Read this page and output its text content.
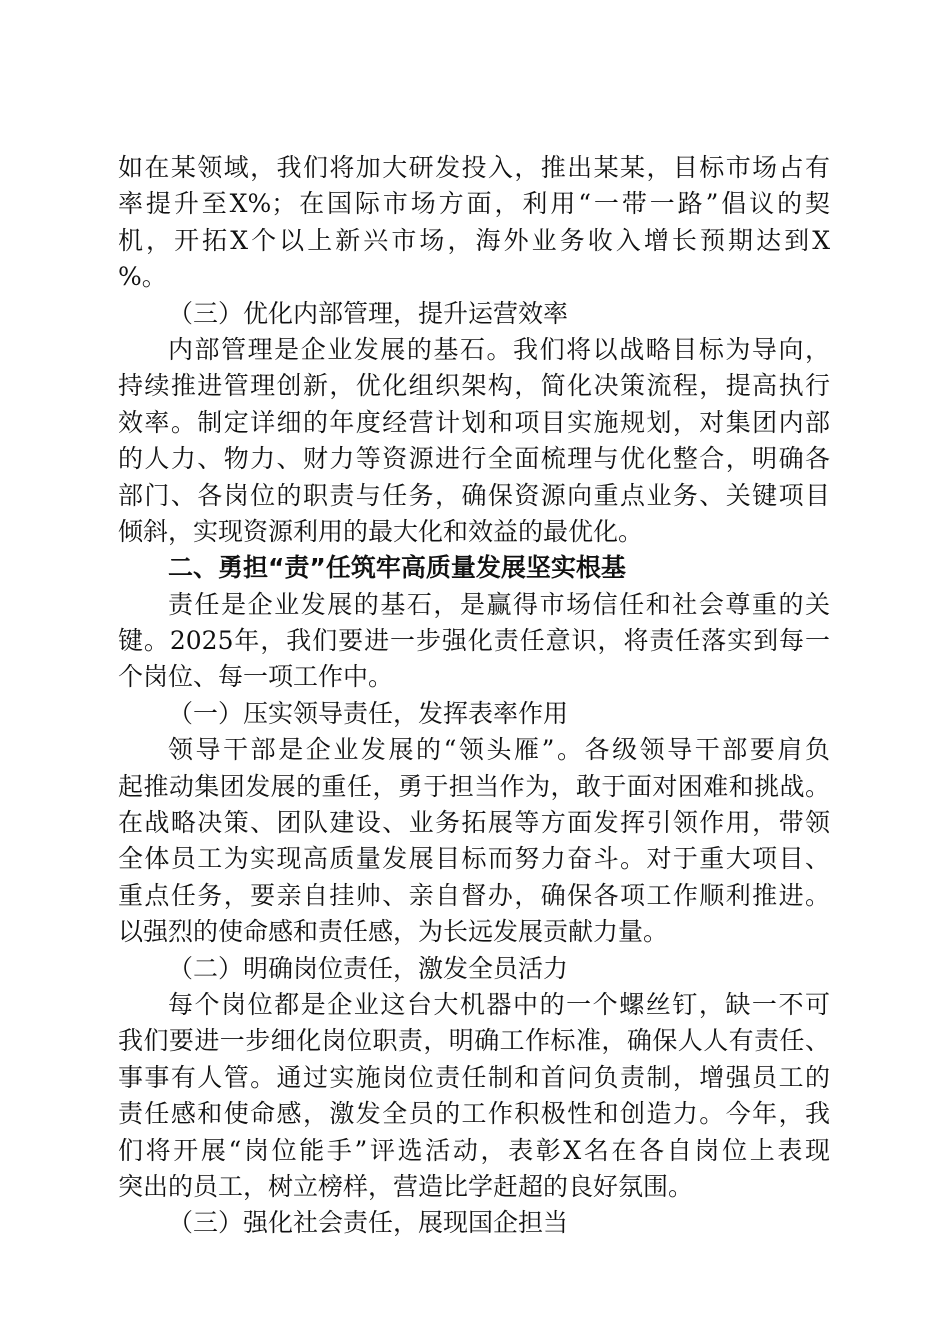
如在某领域，我们将加大研发投入，推出某某，目标市场占有
率提升至X%；在国际市场方面，利用“一带一路”倡议的契
机，开拓X个以上新兴市场，海外业务收入增长预期达到X
%。
（三）优化内部管理，提升运营效率
内部管理是企业发展的基石。我们将以战略目标为导向，
持续推进管理创新，优化组织架构，简化决策流程，提高执行
效率。制定详细的年度经营计划和项目实施规划，对集团内部
的人力、物力、财力等资源进行全面梳理与优化整合，明确各
部门、各岗位的职责与任务，确保资源向重点业务、关键项目
倾斜，实现资源利用的最大化和效益的最优化。
二、勇担“责”任筑牢高质量发展坚实根基
责任是企业发展的基石，是赢得市场信任和社会尊重的关
键。2025年，我们要进一步强化责任意识，将责任落实到每一
个岗位、每一项工作中。
（一）压实领导责任，发挥表率作用
领导干部是企业发展的“领头雁”。各级领导干部要肩负
起推动集团发展的重任，勇于担当作为，敢于面对困难和挑战。
在战略决策、团队建设、业务拓展等方面发挥引领作用，带领
全体员工为实现高质量发展目标而努力奋斗。对于重大项目、
重点任务，要亲自挂帅、亲自督办，确保各项工作顺利推进。
以强烈的使命感和责任感，为长远发展贡献力量。
（二）明确岗位责任，激发全员活力
每个岗位都是企业这台大机器中的一个螺丝钉，缺一不可
我们要进一步细化岗位职责，明确工作标准，确保人人有责任、
事事有人管。通过实施岗位责任制和首问负责制，增强员工的
责任感和使命感，激发全员的工作积极性和创造力。今年，我
们将开展“岗位能手”评选活动，表彰X名在各自岗位上表现
突出的员工，树立榜样，营造比学赶超的良好氛围。
（三）强化社会责任，展现国企担当
